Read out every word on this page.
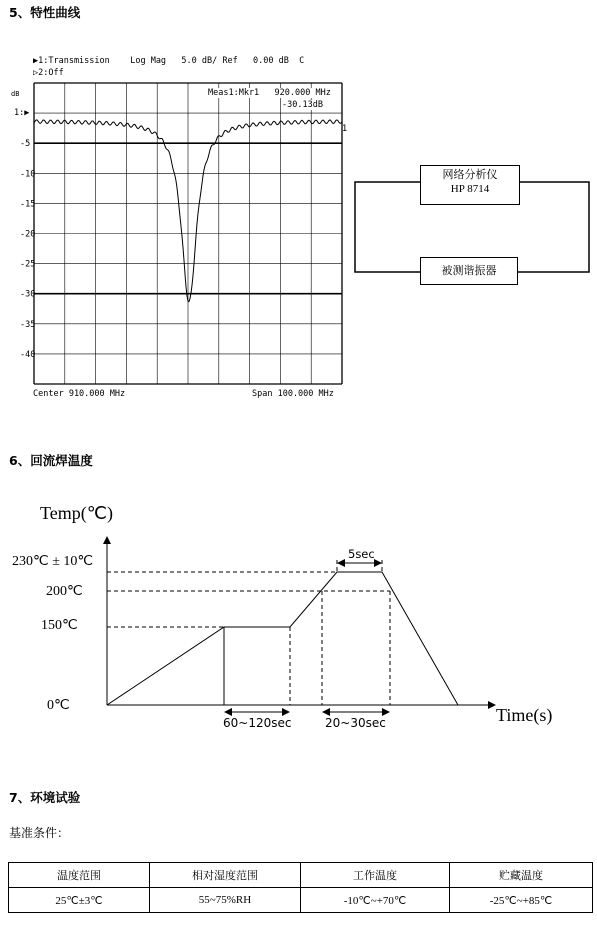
5、特性曲线
▶1:Transmission    Log Mag   5.0 dB/ Ref   0.00 dB  C
▷2:Off
dB
1:▶
-5
-10
-15
-20
-25
-30
-35
-40
1
Meas1:Mkr1   920.000 MHz
-30.13dB
Center 910.000 MHz	Span 100.000 MHz
网络分析仪
HP 8714
被测谐振器
6、回流焊温度
Temp(℃)
230℃ ± 10℃
200℃
150℃
0℃	Time(s)
5sec
60~120sec	20~30sec
7、环境试验
基准条件：
温度范围	相对湿度范围	工作温度	贮藏温度
25℃±3℃	55~75%RH	-10℃~+70℃	-25℃~+85℃
